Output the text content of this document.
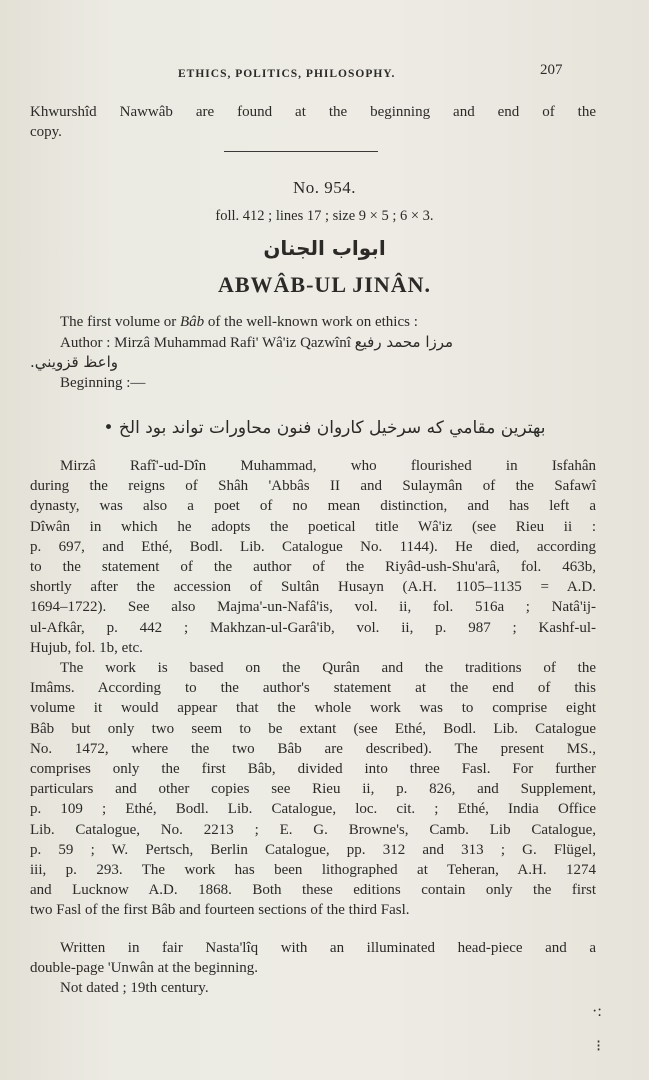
ETHICS, POLITICS, PHILOSOPHY.	207
Khwurshîd Nawwâb are found at the beginning and end of the
copy.
No. 954.
foll. 412 ; lines 17 ; size 9 × 5 ; 6 × 3.
ابواب الجنان
ABWÂB-UL JINÂN.
The first volume or Bâb of the well-known work on ethics :
Author : Mirzâ Muhammad Rafi' Wâ'iz Qazwînî مرزا محمد رفيع
واعظ قزويني.
Beginning :—
بهترين مقامي كه سرخيل كاروان فنون محاورات تواند بود الخ •
Mirzâ Rafî'-ud-Dîn Muhammad, who flourished in Isfahân
during the reigns of Shâh 'Abbâs II and Sulaymân of the Safawî
dynasty, was also a poet of no mean distinction, and has left a
Dîwân in which he adopts the poetical title Wâ'iz (see Rieu ii :
p. 697, and Ethé, Bodl. Lib. Catalogue No. 1144). He died, according
to the statement of the author of the Riyâd-ush-Shu'arâ, fol. 463b,
shortly after the accession of Sultân Husayn (A.H. 1105–1135 = A.D.
1694–1722). See also Majma'-un-Nafâ'is, vol. ii, fol. 516a ; Natâ'ij-
ul-Afkâr, p. 442 ; Makhzan-ul-Garâ'ib, vol. ii, p. 987 ; Kashf-ul-
Hujub, fol. 1b, etc.
The work is based on the Qurân and the traditions of the
Imâms. According to the author's statement at the end of this
volume it would appear that the whole work was to comprise eight
Bâb but only two seem to be extant (see Ethé, Bodl. Lib. Catalogue
No. 1472, where the two Bâb are described). The present MS.,
comprises only the first Bâb, divided into three Fasl. For further
particulars and other copies see Rieu ii, p. 826, and Supplement,
p. 109 ; Ethé, Bodl. Lib. Catalogue, loc. cit. ; Ethé, India Office
Lib. Catalogue, No. 2213 ; E. G. Browne's, Camb. Lib Catalogue,
p. 59 ; W. Pertsch, Berlin Catalogue, pp. 312 and 313 ; G. Flügel,
iii, p. 293. The work has been lithographed at Teheran, A.H. 1274
and Lucknow A.D. 1868. Both these editions contain only the first
two Fasl of the first Bâb and fourteen sections of the third Fasl.
Written in fair Nasta'lîq with an illuminated head-piece and a
double-page 'Unwân at the beginning.
Not dated ; 19th century.
·:
⁝
